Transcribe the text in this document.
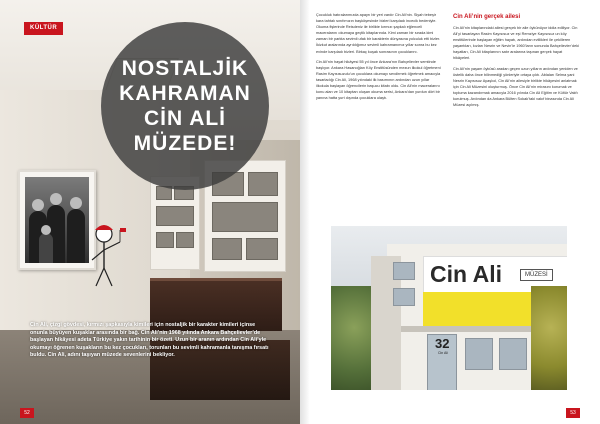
KÜLTÜR
NOSTALJİK
KAHRAMAN
CİN ALİ
MÜZEDE!
Cin Ali, çizgi gövdesi, kırmızı şapkasıyla kimileri için nostaljik bir karakter kimileri içinse onunla büyüyen kuşaklar arasında bir bağ. Cin Ali’nin 1968 yılında Ankara Bahçelievler’de başlayan hikâyesi adeta Türkiye yakın tarihinin bir özeti. Uzun bir aranın ardından Cin Ali’yle okumayı öğrenen kuşakların bu kez çocukları, torunları bu sevimli kahramanla tanışma fırsatı buldu. Cin Ali, adını taşıyan müzede sevenlerini bekliyor.
52

Çocukluk hatıralarımızda apayrı bir yeri vardır Cin Ali’nin. Siyah tebeşir kara tahtalı sınıfımızın başköşesinde bizleri karşıladı incecik bedeniyle. Okuma fişlerinde Reisdeniz ile birlikte kırmızı şapkalı eğlenceli maceralarını okumaya geçtik kitaplarında. Kimi zaman bir sırada kimi zaman bir parkta sevimli ufak bir karakterin dünyasına yolculuk etti bizler. İkizkut aralarında ayrıldığımız sevimli kahramanımız yıllar sonra bu kez evinde karşıladı bizleri. Birkaç kuşak sonrasının çocuklarını.

Cin Ali’nin hayat hikâyesi 55 yıl önce Ankara’nın Bahçelievler semtinde başlıyor. Ankara Hasanoğlan Köy Enstitüsünden mezun ilkokul öğretmeni Rasim Kayısısuzulu’un çocuklara okumayı sevdirmek öğretmek amacıyla tasarladığı Cin Ali, 1968 yılındaki ilk basımının ardından uzun yıllar ilkokula başlayan öğrencilerin başucu kitabı oldu. Cin Ali’nin maceralarını konu alan ve 10 kitaptan oluşan okuma serisi, Ankara’dan yurdun dört bir yanına hatta yurt dışında çocuklara ulaştı.

Cin Ali’nin gerçek ailesi

Cin Ali’nin kitaplarındaki ailesi gerçek bir aile öykünüyor iddia ediliyor. Cin Ali’yi tasarlayan Rasim Kayısısuz ve eşi Remziye Kayısısuz un köy enstitülerinde başlayan eğitim hayatı, ardından evlilikleri ile çekilleren yaşantıları, kızları Nesrin ve Nevin’le 1960’ların sonunda Bahçelievler’deki hayatları, Cin Ali kitaplarının satır aralarına taşınan gerçek hayat hikâyeleri.

Cin Ali’nin yaşam öyküsü aradan geçen uzun yılların ardından yeniden ve üstelik daha önce bilinmediği yönleriyle ortaya çıktı. Ablaları Selma yani Nesrin Kayısısuz Ayaşlıol, Cin Ali’nin ailesiyle birlikte hikâyesini anlatmak için Cin Ali Müzesini oluşturmuş. Önce Cin Ali’nin mirasını korumak ve topluma kazandırmak amacıyla 2016 yılında Cin Ali Eğitim ve Kültür Vakfı kurulmuş. Ardından da Ankara Bülten Sokak’taki vakıf binasında Cin Ali Müzesi açılmış.

Cin Ali	MÜZESİ
32
Cin Ali
53
